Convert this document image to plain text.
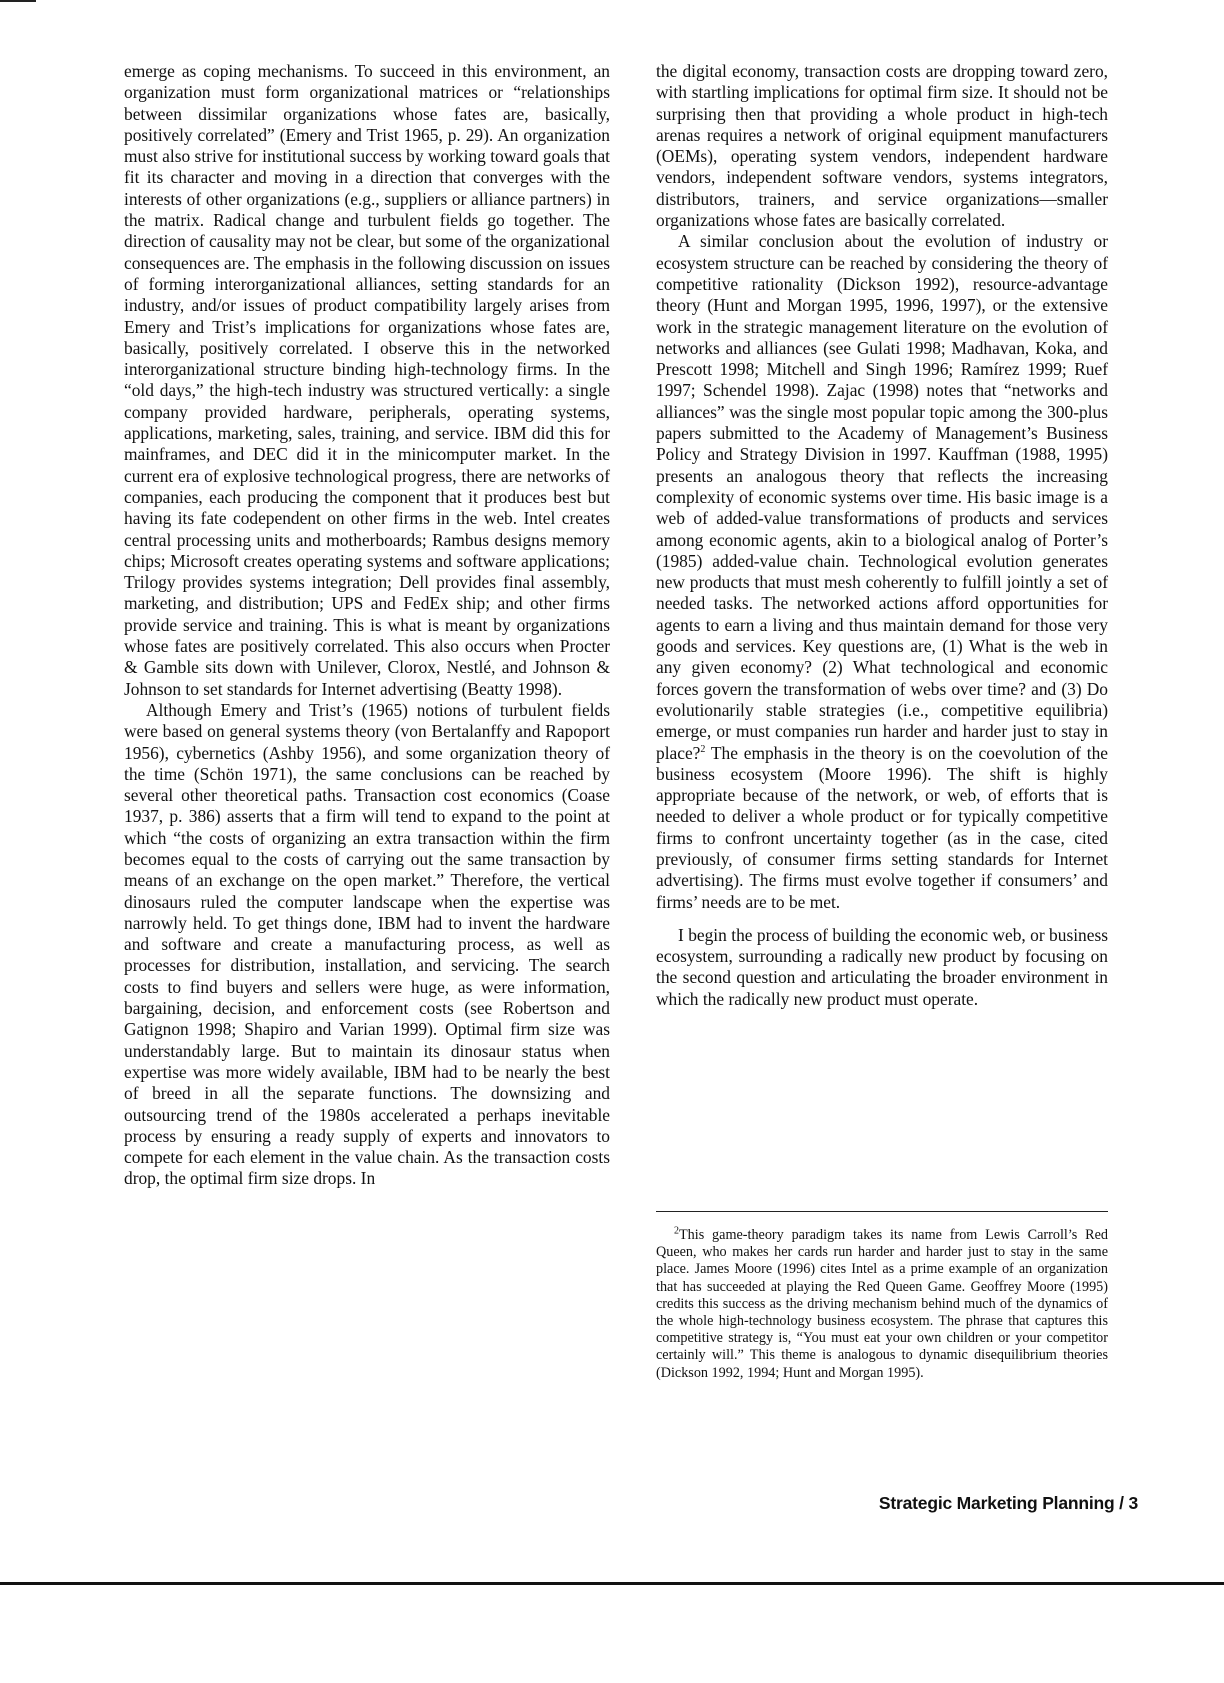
emerge as coping mechanisms. To succeed in this environment, an organization must form organizational matrices or “relationships between dissimilar organizations whose fates are, basically, positively correlated” (Emery and Trist 1965, p. 29). An organization must also strive for institutional success by working toward goals that fit its character and moving in a direction that converges with the interests of other organizations (e.g., suppliers or alliance partners) in the matrix. Radical change and turbulent fields go together. The direction of causality may not be clear, but some of the organizational consequences are. The emphasis in the following discussion on issues of forming interorganizational alliances, setting standards for an industry, and/or issues of product compatibility largely arises from Emery and Trist’s implications for organizations whose fates are, basically, positively correlated. I observe this in the networked interorganizational structure binding high-technology firms. In the “old days,” the high-tech industry was structured vertically: a single company provided hardware, peripherals, operating systems, applications, marketing, sales, training, and service. IBM did this for mainframes, and DEC did it in the minicomputer market. In the current era of explosive technological progress, there are networks of companies, each producing the component that it produces best but having its fate codependent on other firms in the web. Intel creates central processing units and motherboards; Rambus designs memory chips; Microsoft creates operating systems and software applications; Trilogy provides systems integration; Dell provides final assembly, marketing, and distribution; UPS and FedEx ship; and other firms provide service and training. This is what is meant by organizations whose fates are positively correlated. This also occurs when Procter & Gamble sits down with Unilever, Clorox, Nestlé, and Johnson & Johnson to set standards for Internet advertising (Beatty 1998).

Although Emery and Trist’s (1965) notions of turbulent fields were based on general systems theory (von Bertalanffy and Rapoport 1956), cybernetics (Ashby 1956), and some organization theory of the time (Schön 1971), the same conclusions can be reached by several other theoretical paths. Transaction cost economics (Coase 1937, p. 386) asserts that a firm will tend to expand to the point at which “the costs of organizing an extra transaction within the firm becomes equal to the costs of carrying out the same transaction by means of an exchange on the open market.” Therefore, the vertical dinosaurs ruled the computer landscape when the expertise was narrowly held. To get things done, IBM had to invent the hardware and software and create a manufacturing process, as well as processes for distribution, installation, and servicing. The search costs to find buyers and sellers were huge, as were information, bargaining, decision, and enforcement costs (see Robertson and Gatignon 1998; Shapiro and Varian 1999). Optimal firm size was understandably large. But to maintain its dinosaur status when expertise was more widely available, IBM had to be nearly the best of breed in all the separate functions. The downsizing and outsourcing trend of the 1980s accelerated a perhaps inevitable process by ensuring a ready supply of experts and innovators to compete for each element in the value chain. As the transaction costs drop, the optimal firm size drops. In

the digital economy, transaction costs are dropping toward zero, with startling implications for optimal firm size. It should not be surprising then that providing a whole product in high-tech arenas requires a network of original equipment manufacturers (OEMs), operating system vendors, independent hardware vendors, independent software vendors, systems integrators, distributors, trainers, and service organizations—smaller organizations whose fates are basically correlated.

A similar conclusion about the evolution of industry or ecosystem structure can be reached by considering the theory of competitive rationality (Dickson 1992), resource-advantage theory (Hunt and Morgan 1995, 1996, 1997), or the extensive work in the strategic management literature on the evolution of networks and alliances (see Gulati 1998; Madhavan, Koka, and Prescott 1998; Mitchell and Singh 1996; Ramírez 1999; Ruef 1997; Schendel 1998). Zajac (1998) notes that “networks and alliances” was the single most popular topic among the 300-plus papers submitted to the Academy of Management’s Business Policy and Strategy Division in 1997. Kauffman (1988, 1995) presents an analogous theory that reflects the increasing complexity of economic systems over time. His basic image is a web of added-value transformations of products and services among economic agents, akin to a biological analog of Porter’s (1985) added-value chain. Technological evolution generates new products that must mesh coherently to fulfill jointly a set of needed tasks. The networked actions afford opportunities for agents to earn a living and thus maintain demand for those very goods and services. Key questions are, (1) What is the web in any given economy? (2) What technological and economic forces govern the transformation of webs over time? and (3) Do evolutionarily stable strategies (i.e., competitive equilibria) emerge, or must companies run harder and harder just to stay in place?$^2$ The emphasis in the theory is on the coevolution of the business ecosystem (Moore 1996). The shift is highly appropriate because of the network, or web, of efforts that is needed to deliver a whole product or for typically competitive firms to confront uncertainty together (as in the case, cited previously, of consumer firms setting standards for Internet advertising). The firms must evolve together if consumers’ and firms’ needs are to be met.

I begin the process of building the economic web, or business ecosystem, surrounding a radically new product by focusing on the second question and articulating the broader environment in which the radically new product must operate.

$^2$This game-theory paradigm takes its name from Lewis Carroll’s Red Queen, who makes her cards run harder and harder just to stay in the same place. James Moore (1996) cites Intel as a prime example of an organization that has succeeded at playing the Red Queen Game. Geoffrey Moore (1995) credits this success as the driving mechanism behind much of the dynamics of the whole high-technology business ecosystem. The phrase that captures this competitive strategy is, “You must eat your own children or your competitor certainly will.” This theme is analogous to dynamic disequilibrium theories (Dickson 1992, 1994; Hunt and Morgan 1995).

Strategic Marketing Planning / 3
